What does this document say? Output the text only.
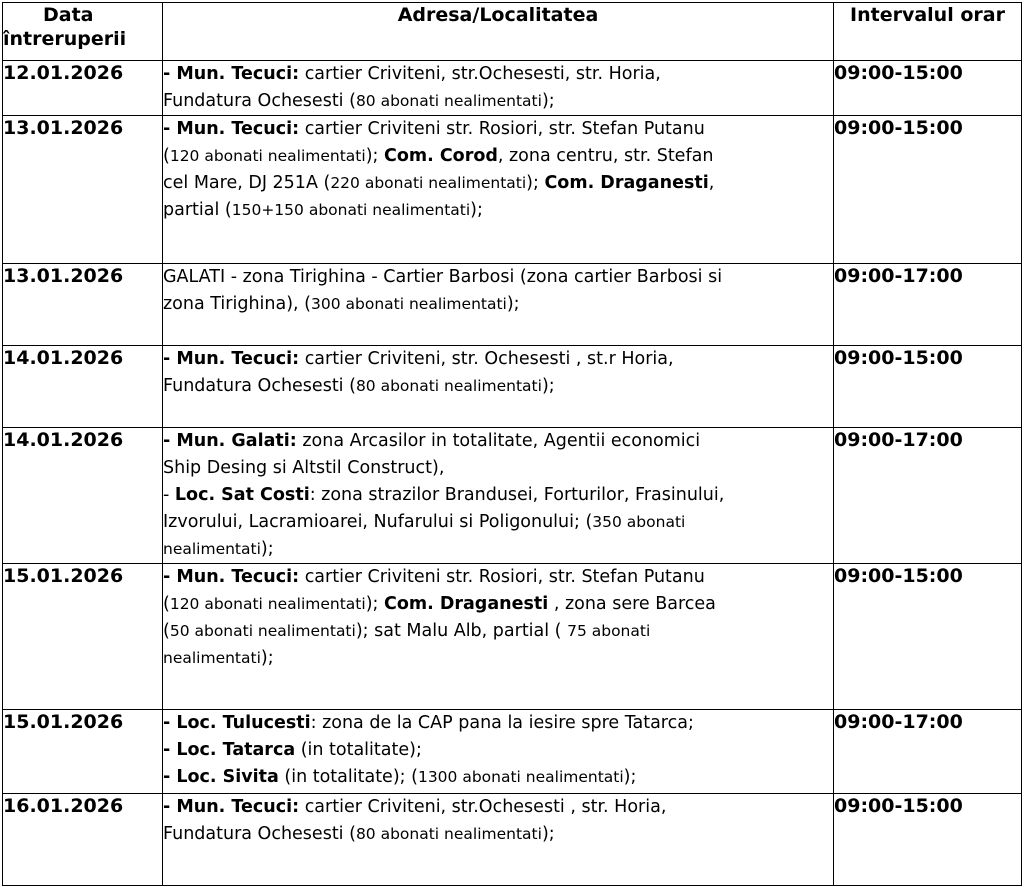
Data
întreruperii	Adresa/Localitatea	Intervalul orar
12.01.2026	- Mun. Tecuci: cartier Criviteni, str.Ochesesti, str. Horia,
Fundatura Ochesesti (80 abonati nealimentati);	09:00-15:00
13.01.2026	- Mun. Tecuci: cartier Criviteni str. Rosiori, str. Stefan Putanu
(120 abonati nealimentati); Com. Corod, zona centru, str. Stefan
cel Mare, DJ 251A (220 abonati nealimentati); Com. Draganesti,
partial (150+150 abonati nealimentati);	09:00-15:00
13.01.2026	GALATI - zona Tirighina - Cartier Barbosi (zona cartier Barbosi si
zona Tirighina), (300 abonati nealimentati);	09:00-17:00
14.01.2026	- Mun. Tecuci: cartier Criviteni, str. Ochesesti , st.r Horia,
Fundatura Ochesesti (80 abonati nealimentati);	09:00-15:00
14.01.2026	- Mun. Galati: zona Arcasilor in totalitate, Agentii economici
Ship Desing si Altstil Construct),
- Loc. Sat Costi: zona strazilor Brandusei, Forturilor, Frasinului,
Izvorului, Lacramioarei, Nufarului si Poligonului; (350 abonati
nealimentati);	09:00-17:00
15.01.2026	- Mun. Tecuci: cartier Criviteni str. Rosiori, str. Stefan Putanu
(120 abonati nealimentati); Com. Draganesti , zona sere Barcea
(50 abonati nealimentati); sat Malu Alb, partial ( 75 abonati
nealimentati);	09:00-15:00
15.01.2026	- Loc. Tulucesti: zona de la CAP pana la iesire spre Tatarca;
- Loc. Tatarca (in totalitate);
- Loc. Sivita (in totalitate); (1300 abonati nealimentati);	09:00-17:00
16.01.2026	- Mun. Tecuci: cartier Criviteni, str.Ochesesti , str. Horia,
Fundatura Ochesesti (80 abonati nealimentati);	09:00-15:00
